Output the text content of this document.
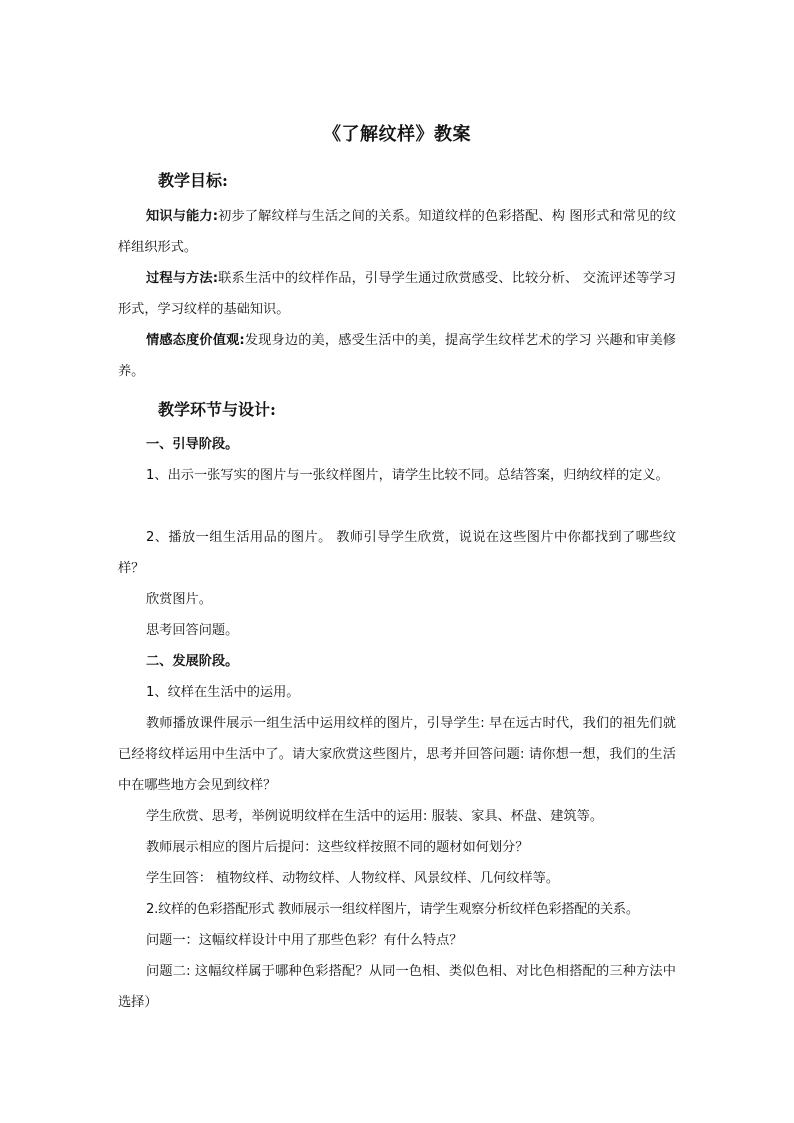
《了解纹样》教案
教学目标:

知识与能力:初步了解纹样与生活之间的关系。知道纹样的色彩搭配、构 图形式和常见的纹样组织形式。

过程与方法:联系生活中的纹样作品，引导学生通过欣赏感受、比较分析、 交流评述等学习形式，学习纹样的基础知识。

情感态度价值观:发现身边的美，感受生活中的美，提高学生纹样艺术的学习 兴趣和审美修养。

教学环节与设计:

一、引导阶段。

1、出示一张写实的图片与一张纹样图片，请学生比较不同。总结答案，归纳纹样的定义。

2、播放一组生活用品的图片。 教师引导学生欣赏，说说在这些图片中你都找到了哪些纹样？

欣赏图片。

思考回答问题。

二、发展阶段。

1、纹样在生活中的运用。

教师播放课件展示一组生活中运用纹样的图片，引导学生: 早在远古时代，我们的祖先们就已经将纹样运用中生活中了。请大家欣赏这些图片，思考并回答问题: 请你想一想，我们的生活中在哪些地方会见到纹样？

学生欣赏、思考，举例说明纹样在生活中的运用: 服装、家具、杯盘、建筑等。

教师展示相应的图片后提问：这些纹样按照不同的题材如何划分？

学生回答： 植物纹样、动物纹样、人物纹样、风景纹样、几何纹样等。

2.纹样的色彩搭配形式 教师展示一组纹样图片，请学生观察分析纹样色彩搭配的关系。

问题一：这幅纹样设计中用了那些色彩？有什么特点？

问题二: 这幅纹样属于哪种色彩搭配？从同一色相、类似色相、对比色相搭配的三种方法中选择）
